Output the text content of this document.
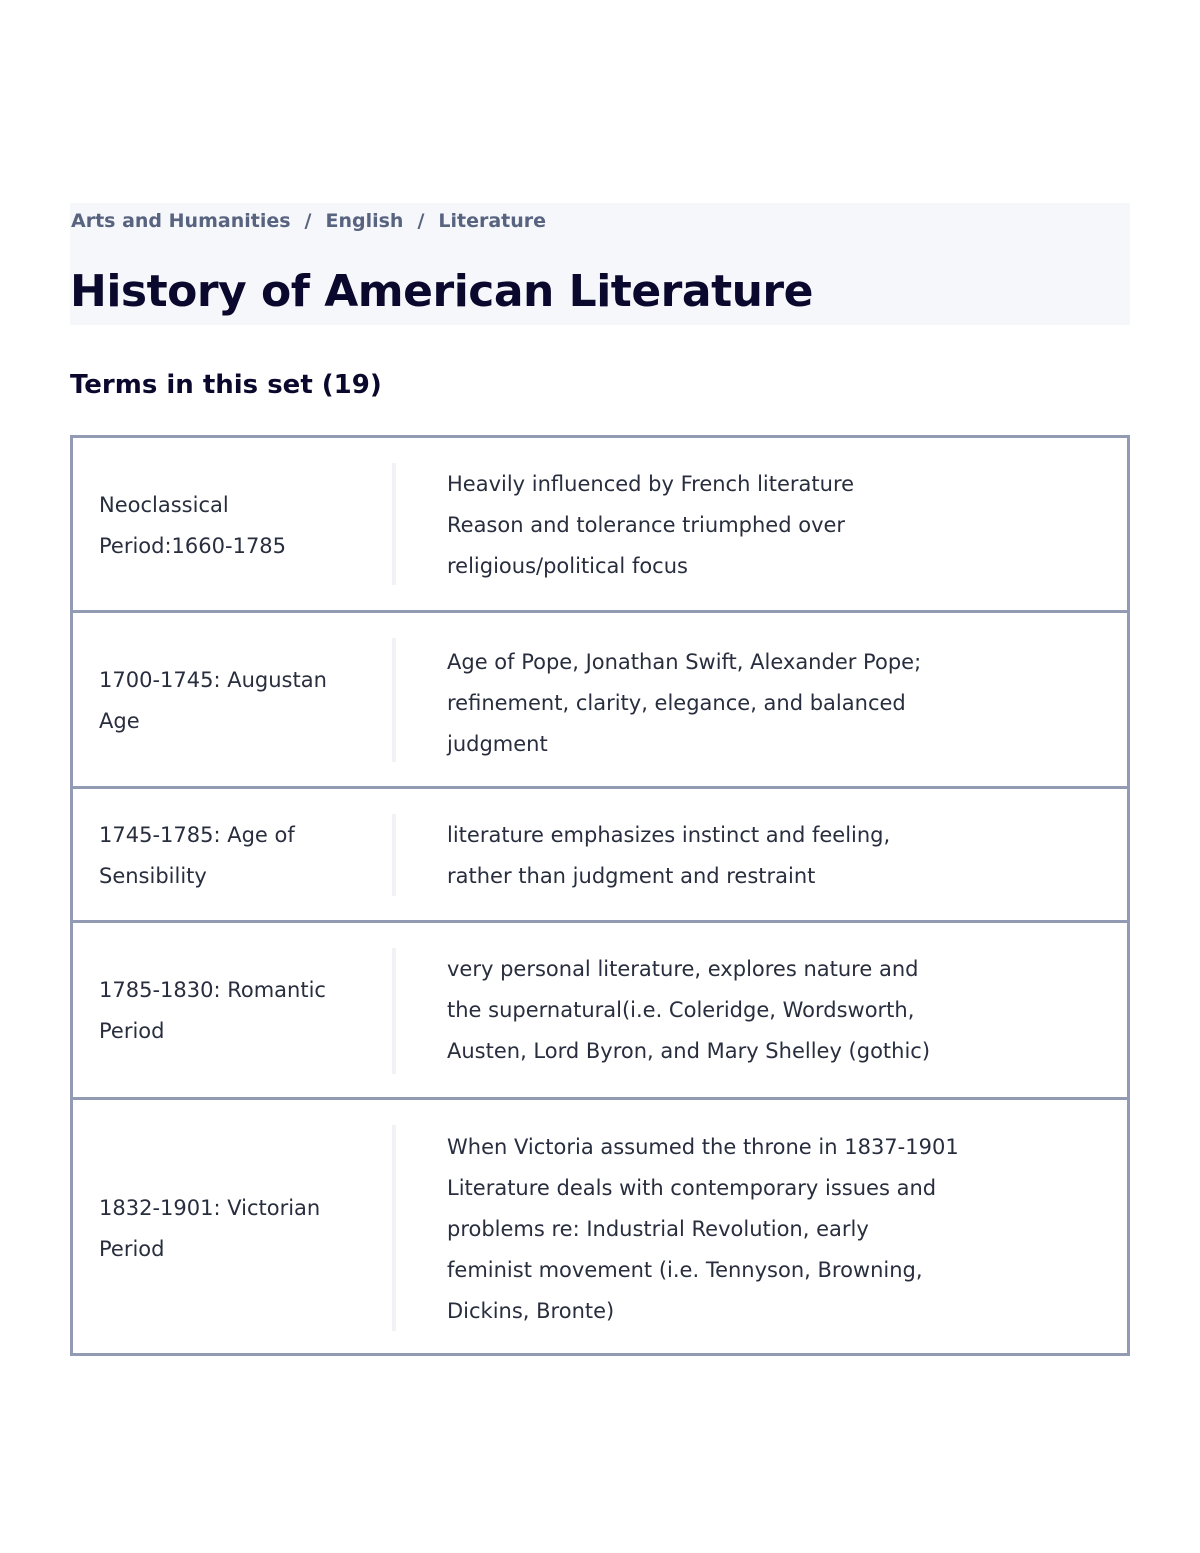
Arts and Humanities / English / Literature
History of American Literature
Terms in this set (19)
Neoclassical
Period:1660-1785
Heavily influenced by French literature
Reason and tolerance triumphed over
religious/political focus
1700-1745: Augustan
Age
Age of Pope, Jonathan Swift, Alexander Pope;
refinement, clarity, elegance, and balanced
judgment
1745-1785: Age of
Sensibility
literature emphasizes instinct and feeling,
rather than judgment and restraint
1785-1830: Romantic
Period
very personal literature, explores nature and
the supernatural(i.e. Coleridge, Wordsworth,
Austen, Lord Byron, and Mary Shelley (gothic)
1832-1901: Victorian
Period
When Victoria assumed the throne in 1837-1901
Literature deals with contemporary issues and
problems re: Industrial Revolution, early
feminist movement (i.e. Tennyson, Browning,
Dickins, Bronte)
